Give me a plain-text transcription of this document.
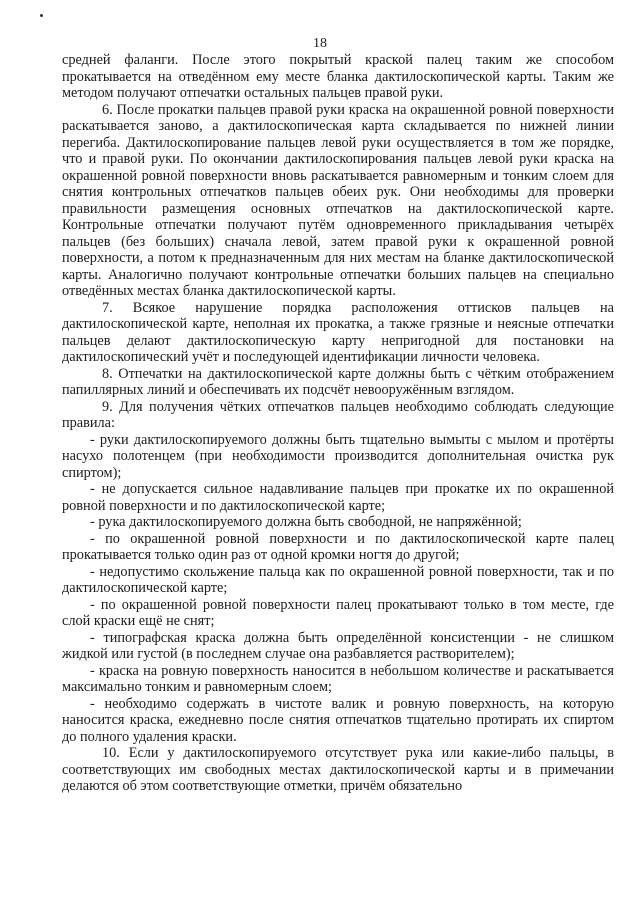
18

средней фаланги. После этого покрытый краской палец таким же способом прокатывается на отведённом ему месте бланка дактилоскопической карты. Таким же методом получают отпечатки остальных пальцев правой руки.

6. После прокатки пальцев правой руки краска на окрашенной ровной поверхности раскатывается заново, а дактилоскопическая карта складывается по нижней линии перегиба. Дактилоскопирование пальцев левой руки осуществляется в том же порядке, что и правой руки. По окончании дактилоскопирования пальцев левой руки краска на окрашенной ровной поверхности вновь раскатывается равномерным и тонким слоем для снятия контрольных отпечатков пальцев обеих рук. Они необходимы для проверки правильности размещения основных отпечатков на дактилоскопической карте. Контрольные отпечатки получают путём одновременного прикладывания четырёх пальцев (без больших) сначала левой, затем правой руки к окрашенной ровной поверхности, а потом к предназначенным для них местам на бланке дактилоскопической карты. Аналогично получают контрольные отпечатки больших пальцев на специально отведённых местах бланка дактилоскопической карты.

7. Всякое нарушение порядка расположения оттисков пальцев на дактилоскопической карте, неполная их прокатка, а также грязные и неясные отпечатки пальцев делают дактилоскопическую карту непригодной для постановки на дактилоскопический учёт и последующей идентификации личности человека.

8. Отпечатки на дактилоскопической карте должны быть с чётким отображением папиллярных линий и обеспечивать их подсчёт невооружённым взглядом.

9. Для получения чётких отпечатков пальцев необходимо соблюдать следующие правила:

- руки дактилоскопируемого должны быть тщательно вымыты с мылом и протёрты насухо полотенцем (при необходимости производится дополнительная очистка рук спиртом);

- не допускается сильное надавливание пальцев при прокатке их по окрашенной ровной поверхности и по дактилоскопической карте;

- рука дактилоскопируемого должна быть свободной, не напряжённой;

- по окрашенной ровной поверхности и по дактилоскопической карте палец прокатывается только один раз от одной кромки ногтя до другой;

- недопустимо скольжение пальца как по окрашенной ровной поверхности, так и по дактилоскопической карте;

- по окрашенной ровной поверхности палец прокатывают только в том месте, где слой краски ещё не снят;

- типографская краска должна быть определённой консистенции - не слишком жидкой или густой (в последнем случае она разбавляется растворителем);

- краска на ровную поверхность наносится в небольшом количестве и раскатывается максимально тонким и равномерным слоем;

- необходимо содержать в чистоте валик и ровную поверхность, на которую наносится краска, ежедневно после снятия отпечатков тщательно протирать их спиртом до полного удаления краски.

10. Если у дактилоскопируемого отсутствует рука или какие-либо пальцы, в соответствующих им свободных местах дактилоскопической карты и в примечании делаются об этом соответствующие отметки, причём обязательно
